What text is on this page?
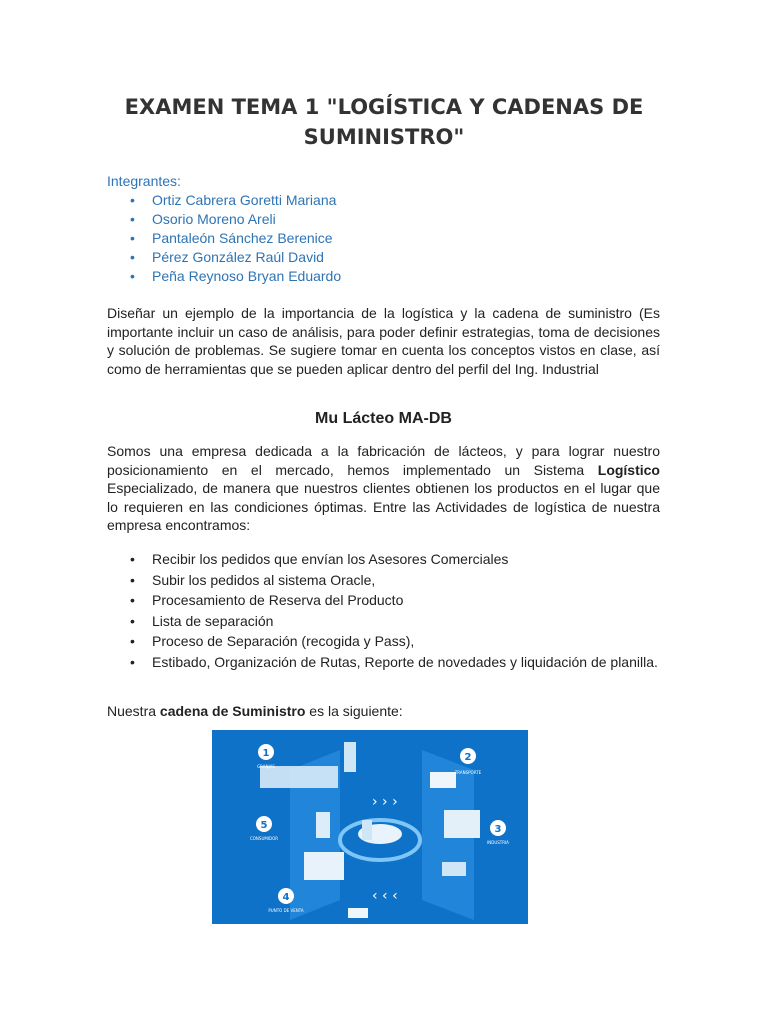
EXAMEN TEMA 1 "LOGÍSTICA Y CADENAS DE SUMINISTRO"
Integrantes:
• Ortiz Cabrera Goretti Mariana
• Osorio Moreno Areli
• Pantaleón Sánchez Berenice
• Pérez González Raúl David
• Peña Reynoso Bryan Eduardo

Diseñar un ejemplo de la importancia de la logística y la cadena de suministro (Es importante incluir un caso de análisis, para poder definir estrategias, toma de decisiones y solución de problemas. Se sugiere tomar en cuenta los conceptos vistos en clase, así como de herramientas que se pueden aplicar dentro del perfil del Ing. Industrial

Mu Lácteo MA-DB

Somos una empresa dedicada a la fabricación de lácteos, y para lograr nuestro posicionamiento en el mercado, hemos implementado un Sistema Logístico Especializado, de manera que nuestros clientes obtienen los productos en el lugar que lo requieren en las condiciones óptimas. Entre las Actividades de logística de nuestra empresa encontramos:

• Recibir los pedidos que envían los Asesores Comerciales
• Subir los pedidos al sistema Oracle,
• Procesamiento de Reserva del Producto
• Lista de separación
• Proceso de Separación (recogida y Pass),
• Estibado, Organización de Rutas, Reporte de novedades y liquidación de planilla.

Nuestra cadena de Suministro es la siguiente:

› › ›
‹ ‹ ‹
1
GRANJAS
2
TRANSPORTE
3
INDUSTRIA
4
PUNTO DE VENTA
5
CONSUMIDOR
